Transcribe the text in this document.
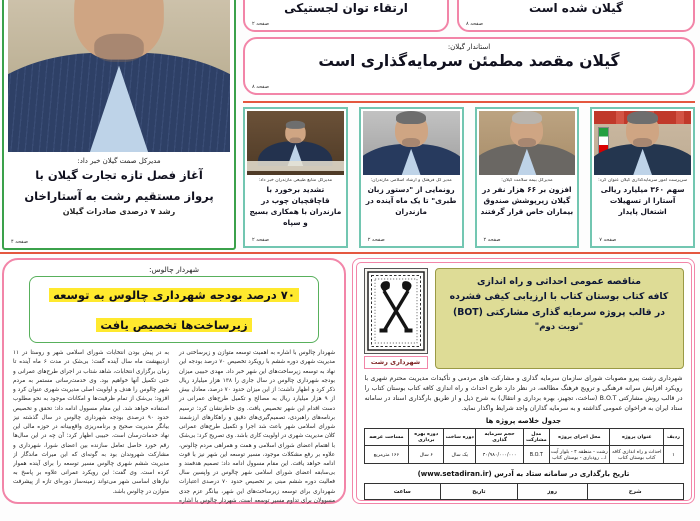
مدیرکل صمت گیلان خبر داد:
آغاز فصل تازه تجارت گیلان با
پرواز مستقیم رشت به آستاراخان
رشد ۷ درصدی صادرات گیلان
صفحه ۴
ارتقاء توان لجستیکی
صفحه ۲
گیلان شده است
صفحه ۸
استاندار گیلان:
گیلان مقصد مطمئن سرمایه‌گذاری است
صفحه ۸
مدیرکل منابع طبیعی مازندران خبر داد:
تشدید برخورد با قاچاقچیان چوب در مازندران با همکاری بسیج و سپاه
صفحه ۲
مدیر کل فرهنگ و ارشاد اسلامی مازندران:
رونمایی از "دستور زبان طبری" تا یک ماه آینده در مازندران
صفحه ۲
مدیرکل بیمه سلامت گیلان:
افزون بر ۶۶ هزار نفر در گیلان زیرپوشش صندوق بیماران خاص قرار گرفتند
صفحه ۲
سرپرست امور سرمایه‌گذاری گیلان عنوان کرد:
سهم ۳۶۰ میلیارد ریالی آستارا از تسهیلات اشتغال پایدار
صفحه ۷
شهردار چالوس:
۷۰ درصد بودجه شهرداری چالوس به توسعه
زیرساخت‌ها تخصیص یافت
شهردار چالوس با اشاره به اهمیت توسعه متوازن و زیرساختی در مدیریت شهری دوره ششم با رویکرد تخصیص ۷۰ درصد بودجه این نهاد به توسعه زیرساخت‌های این شهر خبر داد. مهدی حبیبی میزان بودجه شهرداری چالوس در سال جاری را ۱۳۸ هزار میلیارد ریال ذکر کرد و اظهار داشت: از این میزان حدود ۷۰ درصد، معادل بیش از ۹ هزار میلیارد ریال به مصالح و تکمیل طرح‌های عمرانی در دست اقدام این شهر تخصیص یافت. وی خاطرنشان کرد: ترسیم برنامه‌های راهبردی، تصمیم‌گیری‌های دقیق و راهکارهای ارزشمند شورای اسلامی شهر باعث شد اجرا و تکمیل طرح‌های عمرانی کلان مدیریت شهری در اولویت کاری باشد. وی تصریح کرد: بی‌شک با اهتمام اعضای شورای اسلامی و همت و همراهی مردم چالوس، علاوه بر رفع مشکلات موجود، مسیر توسعه این شهر نیز با قوت ادامه خواهد یافت. این مقام مسوول ادامه داد: تصمیم هدفمند و بی‌سابقه اعضای شورای اسلامی شهر چالوس در واپسین سال فعالیت دوره ششم مبنی بر تخصیص حدود ۷۰ درصدی اعتبارات شهرداری برای توسعه زیرساخت‌های این شهر، بیانگر عزم جدی مسوولان برای تداوم مسیر توسعه است. شهردار چالوس با اشاره به در پیش بودن انتخابات شورای اسلامی شهر و روستا در ۱۱ اردیبهشت ماه سال آینده گفت: بی‌شک در مدت ۶ ماه آینده تا زمان برگزاری انتخابات، شاهد شتاب در اجرای طرح‌های عمرانی و حتی تکمیل آنها خواهیم بود. وی خدمت‌رسانی مستمر به مردم شهر چالوس را هدف و اولویت اصلی مدیریت شهری عنوان کرد و افزود: بی‌شک از تمام ظرفیت‌ها و امکانات موجود به نحو مطلوب استفاده خواهد شد. این مقام مسوول ادامه داد: تحقق و تخصیص حدود ۹۰ درصدی بودجه شهرداری چالوس در سال گذشته نیز بیانگر مدیریت صحیح و برنامه‌ریزی واقع‌بینانه در حوزه مالی این نهاد خدمات‌رسان است. حبیبی اظهار کرد: آن چه در این سال‌ها رقم خورد حاصل تعامل سازنده بین اعضای شورا، شهرداری و مشارکت شهروندان بود به گونه‌ای که این میراث ماندگار از مدیریت ششم شهری چالوس مسیر توسعه را برای آینده هموار کرده است. وی گفت: این رویکرد عمرانی علاوه بر پاسخ به نیازهای اساسی شهر می‌تواند زمینه‌ساز دوره‌ای تازه از پیشرفت متوازن در چالوس باشد.
مناقصه عمومی احداثی و راه اندازی
کافه کتاب بوستان کتاب با ارزیابی کیفی فشرده
در قالب پروژه سرمایه گذاری مشارکتی (BOT)
"نوبت دوم"
شهرداری رشت
شهرداری رشت پیرو مصوبات شورای سازمان سرمایه گذاری و مشارکت های مردمی و تأکیدات مدیریت محترم شهری با رویکرد افزایش سرانه فرهنگی و ترویج فرهنگ مطالعه، در نظر دارد طرح احداث و راه اندازی کافه کتاب بوستان کتاب را در قالب روش مشارکتی B.O.T (ساخت، تجهیز، بهره برداری و انتقال) به شرح ذیل و از طریق بارگذاری اسناد در سامانه ستاد ایران به فراخوان عمومی گذاشته و به سرمایه گذاران واجد شرایط واگذار نماید.
جدول خلاصه پروژه ها
ردیف	عنوان پروژه	محل اجرای پروژه	مدل مشارکت	حجم سرمایه گذاری	دوره ساخت	دوره بهره برداری	مساحت عرصه
۱	احداث و راه اندازی کافه کتاب بوستان کتاب	رشت - منطقه ۴ - بلوار آیت ا... رودباری - بوستان کتاب	B.O.T	۴۰/۹۸۰/۰۰۰/۰۰۰	یک سال	۶ سال	۱۶۶ مترمربع
تاریخ بارگذاری در سامانه ستاد به آدرس (www.setadiran.ir)
شرح	روز	تاریخ	ساعت
